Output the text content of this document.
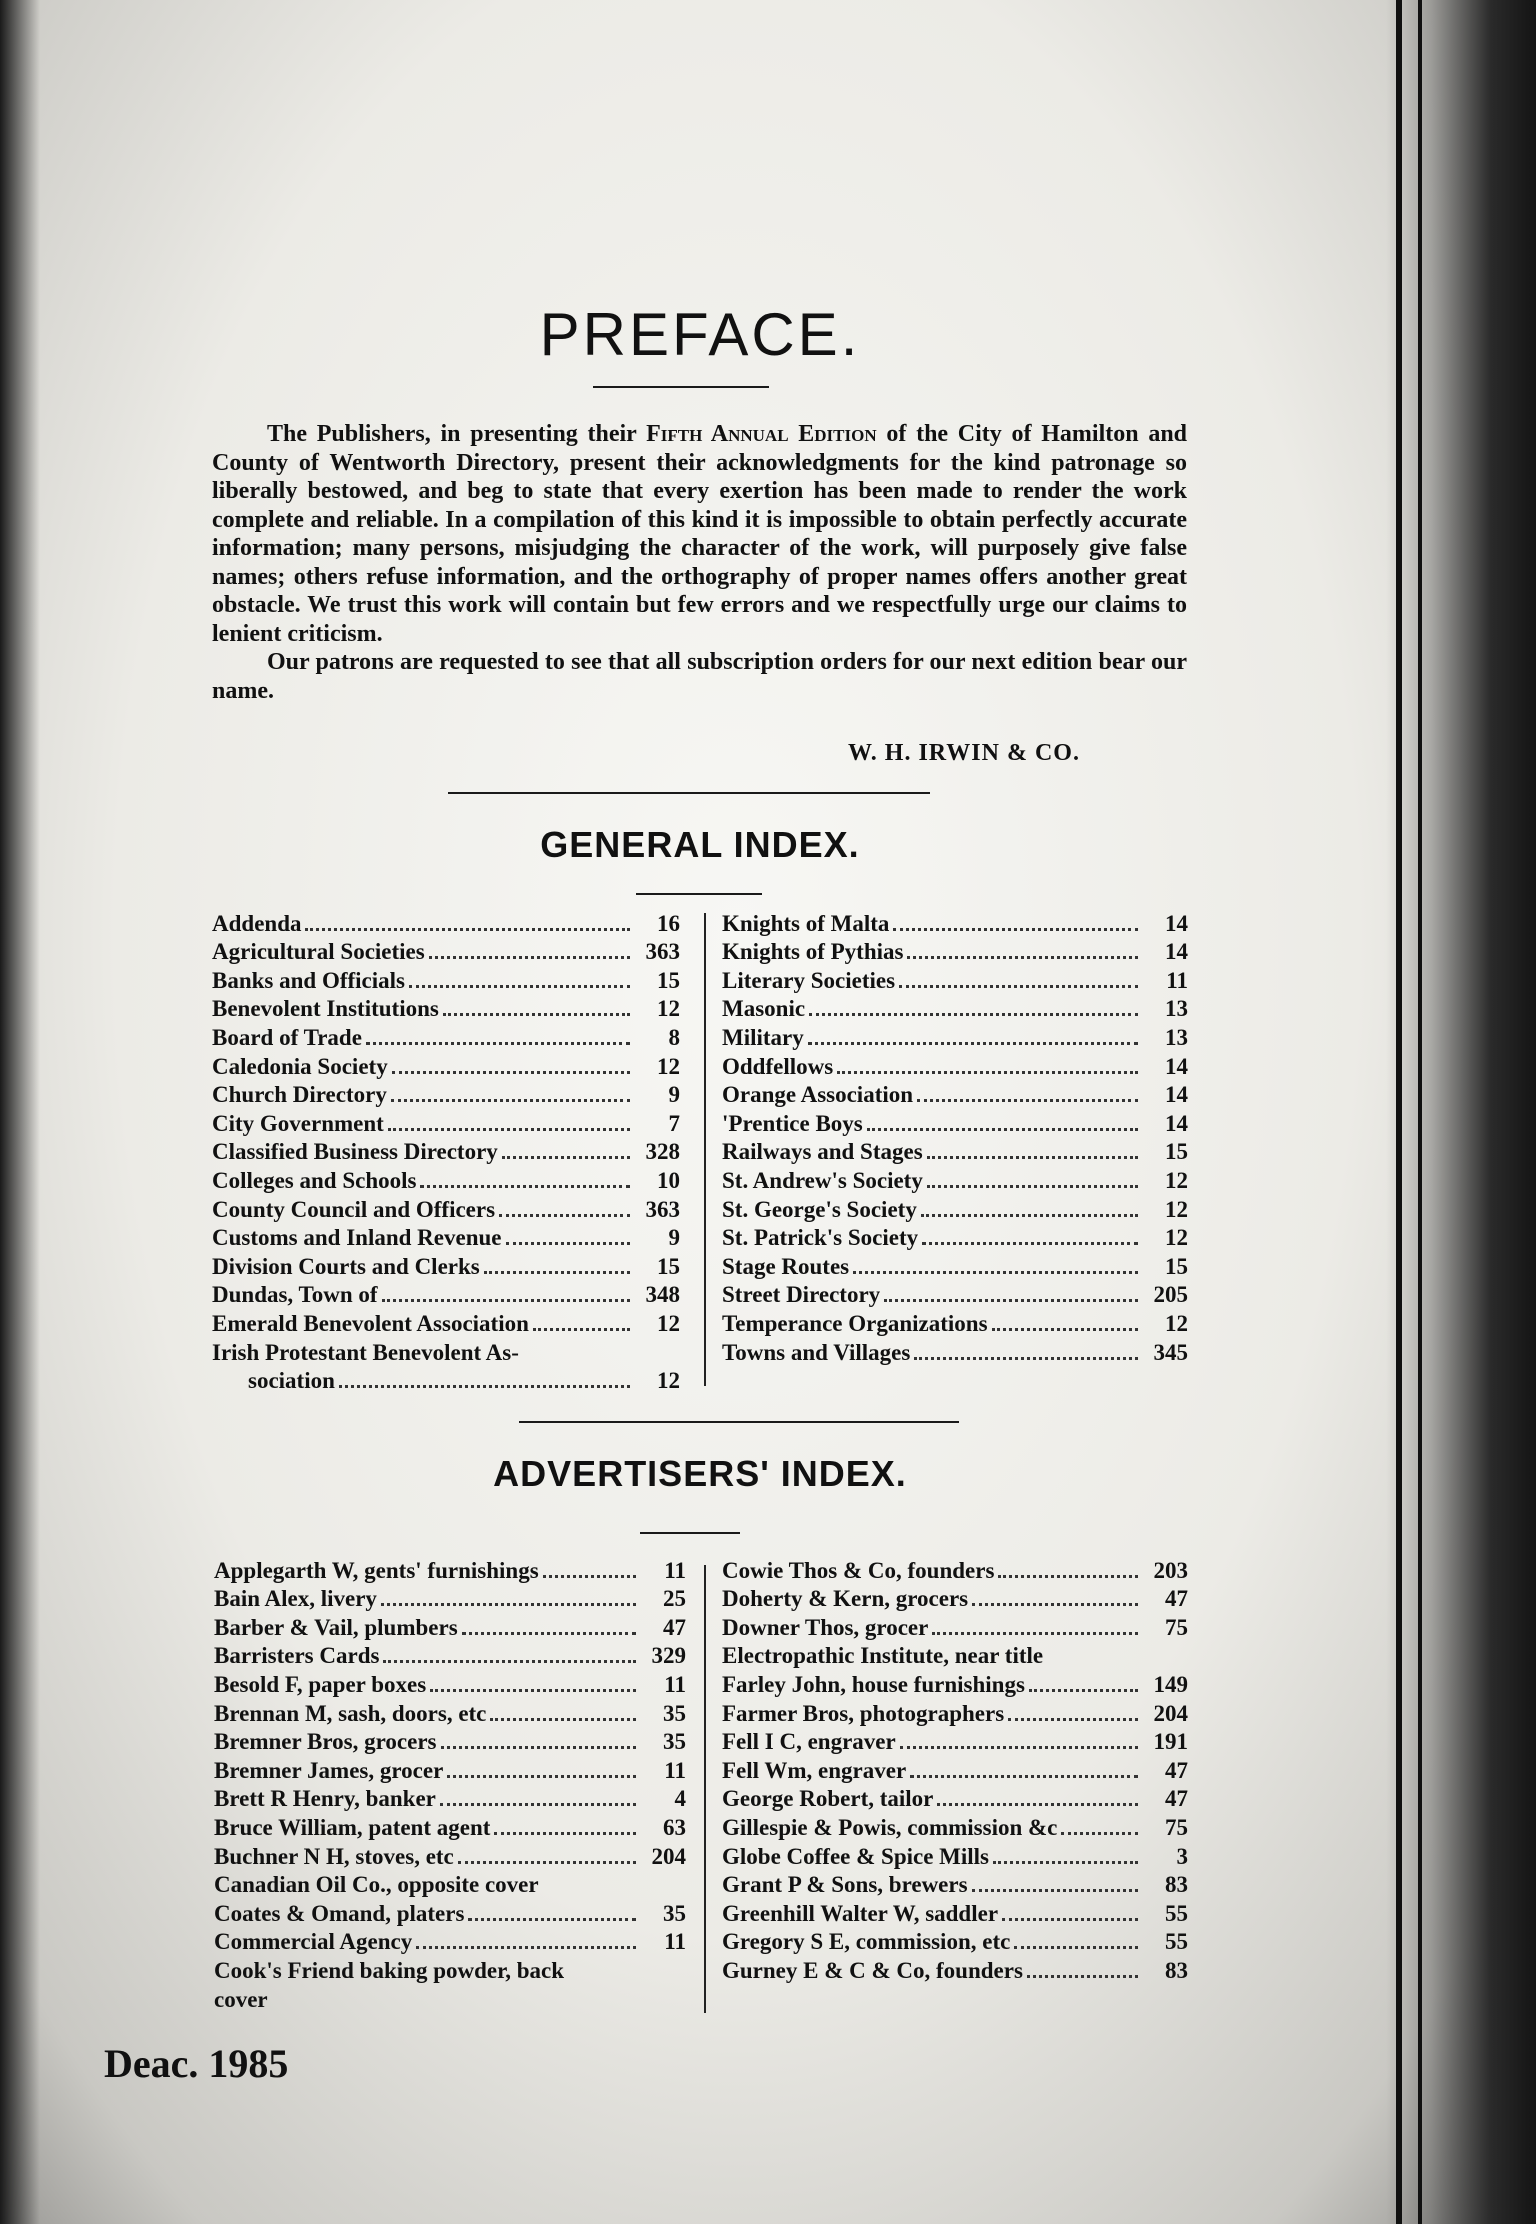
PREFACE.

The Publishers, in presenting their Fifth Annual Edition of the City of Hamilton and County of Wentworth Directory, present their acknowledgments for the kind patronage so liberally bestowed, and beg to state that every exertion has been made to render the work complete and reliable. In a compilation of this kind it is impossible to obtain perfectly accurate information; many persons, misjudging the character of the work, will purposely give false names; others refuse information, and the orthography of proper names offers another great obstacle. We trust this work will contain but few errors and we respectfully urge our claims to lenient criticism.

Our patrons are requested to see that all subscription orders for our next edition bear our name.

W. H. IRWIN & CO.
GENERAL INDEX.
Addenda	16
Agricultural Societies	363
Banks and Officials	15
Benevolent Institutions	12
Board of Trade	8
Caledonia Society	12
Church Directory	9
City Government	7
Classified Business Directory	328
Colleges and Schools	10
County Council and Officers	363
Customs and Inland Revenue	9
Division Courts and Clerks	15
Dundas, Town of	348
Emerald Benevolent Association	12
Irish Protestant Benevolent As-
sociation	12
Knights of Malta	14
Knights of Pythias	14
Literary Societies	11
Masonic	13
Military	13
Oddfellows	14
Orange Association	14
'Prentice Boys	14
Railways and Stages	15
St. Andrew's Society	12
St. George's Society	12
St. Patrick's Society	12
Stage Routes	15
Street Directory	205
Temperance Organizations	12
Towns and Villages	345
ADVERTISERS' INDEX.
Applegarth W, gents' furnishings	11
Bain Alex, livery	25
Barber & Vail, plumbers	47
Barristers Cards	329
Besold F, paper boxes	11
Brennan M, sash, doors, etc	35
Bremner Bros, grocers	35
Bremner James, grocer	11
Brett R Henry, banker	4
Bruce William, patent agent	63
Buchner N H, stoves, etc	204
Canadian Oil Co., opposite cover
Coates & Omand, platers	35
Commercial Agency	11
Cook's Friend baking powder, back
cover
Cowie Thos & Co, founders	203
Doherty & Kern, grocers	47
Downer Thos, grocer	75
Electropathic Institute, near title
Farley John, house furnishings	149
Farmer Bros, photographers	204
Fell I C, engraver	191
Fell Wm, engraver	47
George Robert, tailor	47
Gillespie & Powis, commission &c	75
Globe Coffee & Spice Mills	3
Grant P & Sons, brewers	83
Greenhill Walter W, saddler	55
Gregory S E, commission, etc	55
Gurney E & C & Co, founders	83
Deac. 1985
